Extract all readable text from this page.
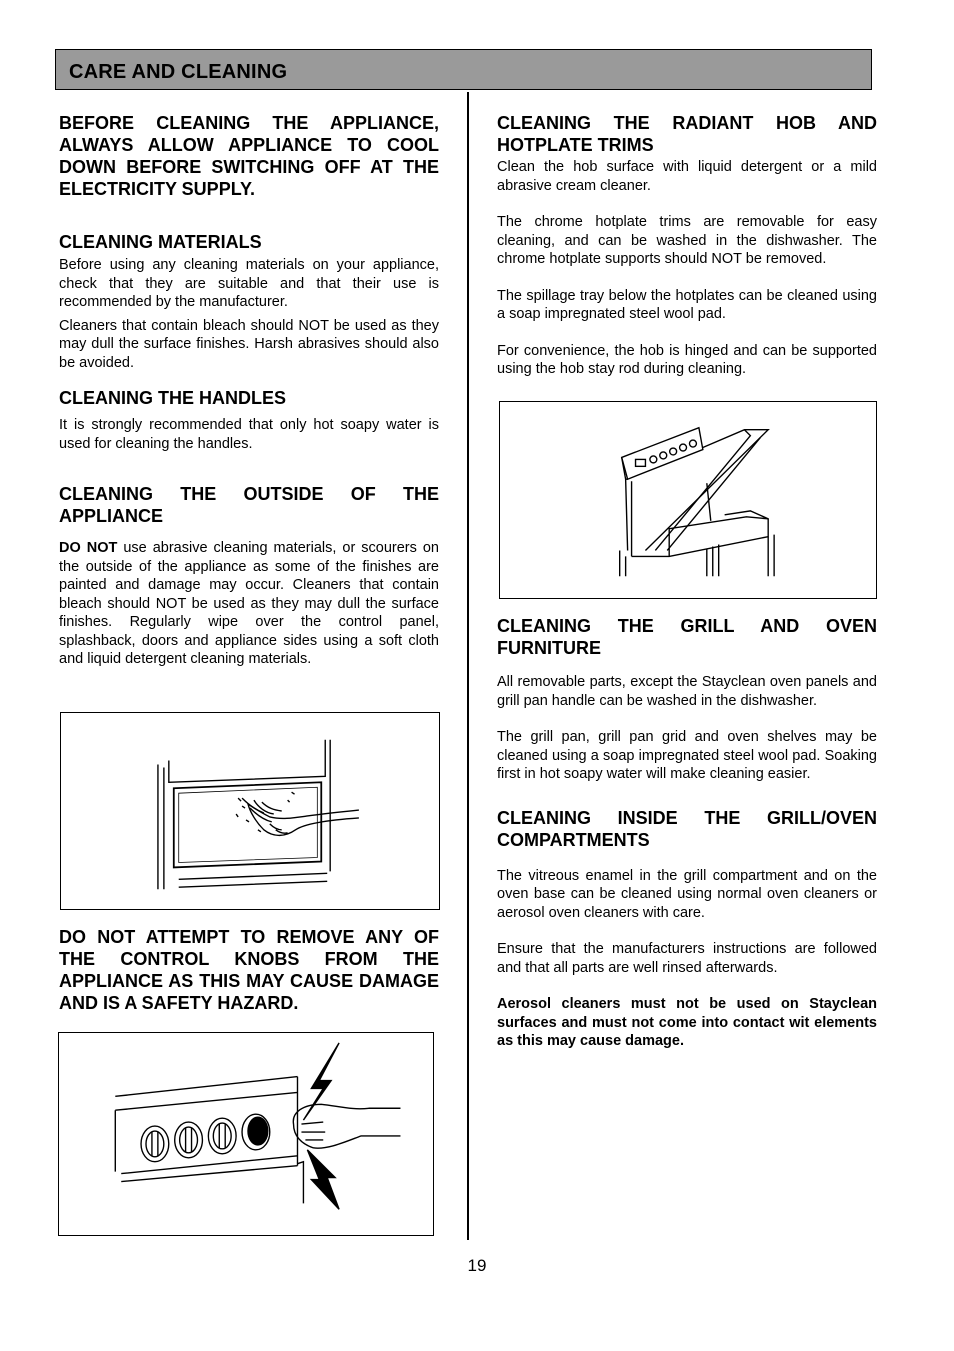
CARE AND CLEANING

BEFORE CLEANING THE APPLIANCE, ALWAYS ALLOW APPLIANCE TO COOL DOWN BEFORE SWITCHING OFF AT THE ELECTRICITY SUPPLY.

CLEANING MATERIALS

Before using any cleaning materials on your appliance, check that they are suitable and that their use is recommended by the manufacturer.

Cleaners that contain bleach should NOT be used as they may dull the surface finishes. Harsh abrasives should also be avoided.

CLEANING THE HANDLES

It is strongly recommended that only hot soapy water is used for cleaning the handles.

CLEANING THE OUTSIDE OF THE APPLIANCE

DO NOT use abrasive cleaning materials, or scourers on the outside of the appliance as some of the finishes are painted and damage may occur. Cleaners that contain bleach should NOT be used as they may dull the surface finishes. Regularly wipe over the control panel, splashback, doors and appliance sides using a soft cloth and liquid detergent cleaning materials.

DO NOT ATTEMPT TO REMOVE ANY OF THE CONTROL KNOBS FROM THE APPLIANCE AS THIS MAY CAUSE DAMAGE AND IS A SAFETY HAZARD.

CLEANING THE RADIANT HOB AND HOTPLATE TRIMS

Clean the hob surface with liquid detergent or a mild abrasive cream cleaner.

The chrome hotplate trims are removable for easy cleaning, and can be washed in the dishwasher. The chrome hotplate supports should NOT be removed.

The spillage tray below the hotplates can be cleaned using a soap impregnated steel wool pad.

For convenience, the hob is hinged and can be supported using the hob stay rod during cleaning.

CLEANING THE GRILL AND OVEN FURNITURE

All removable parts, except the Stayclean oven panels and grill pan handle can be washed in the dishwasher.

The grill pan, grill pan grid and oven shelves may be cleaned using a soap impregnated steel wool pad. Soaking first in hot soapy water will make cleaning easier.

CLEANING INSIDE THE GRILL/OVEN COMPARTMENTS

The vitreous enamel in the grill compartment and on the oven base can be cleaned using normal oven cleaners or aerosol oven cleaners with care.

Ensure that the manufacturers instructions are followed and that all parts are well rinsed afterwards.

Aerosol cleaners must not be used on Stayclean surfaces and must not come into contact wit elements as this may cause damage.

19
